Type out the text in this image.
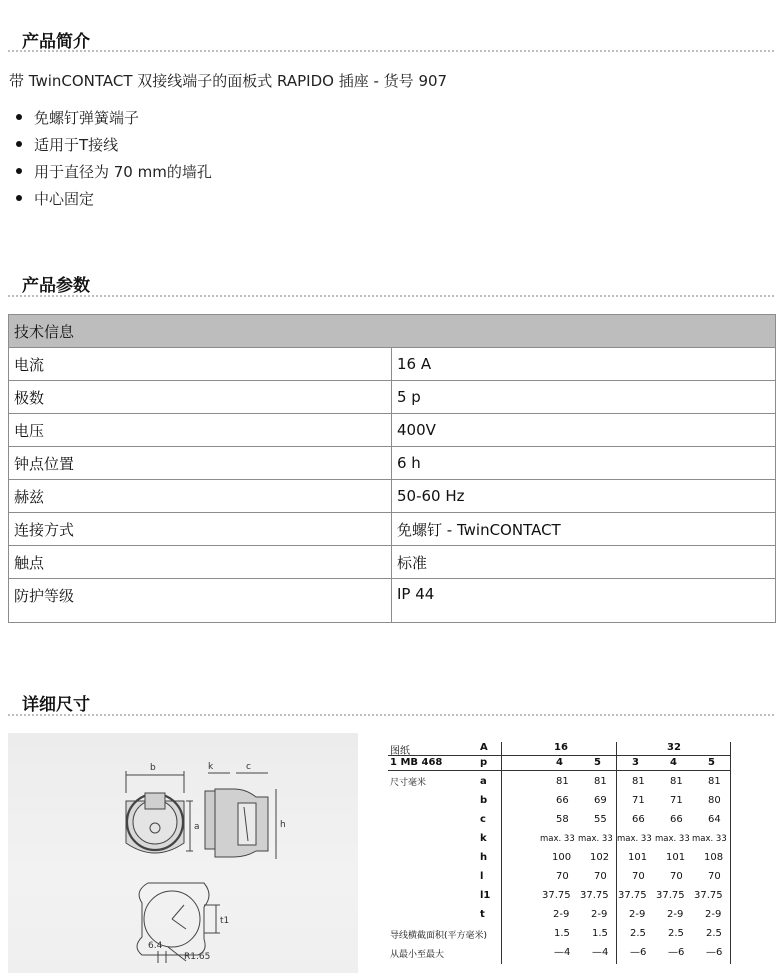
产品简介
带 TwinCONTACT 双接线端子的面板式 RAPIDO 插座 - 货号 907
免螺钉弹簧端子
适用于T接线
用于直径为 70 mm的墙孔
中心固定
产品参数
技术信息	
电流	16 A
极数	5 p
电压	400V
钟点位置	6 h
赫兹	50-60 Hz
连接方式	免螺钉 - TwinCONTACT
触点	标准
防护等级	IP 44
详细尺寸
b	k	c
a	h
t1
6.4
R1.65
图纸	A	16	32
1 MB 468	p	4	5	3	4	5
尺寸毫米	a	81	81	81	81	81
b	66	69	71	71	80
c	58	55	66	66	64
k	max. 33 max. 33 max. 33 max. 33 max. 33
h	100 102 101 101 108
l	70	70	70	70	70
l1	37.75 37.75 37.75 37.75 37.75
t	2-9 2-9 2-9 2-9 2-9
导线横截面积(平方毫米)	1.5 1.5 2.5 2.5 2.5
从最小至最大	—4 —4 —6 —6 —6
